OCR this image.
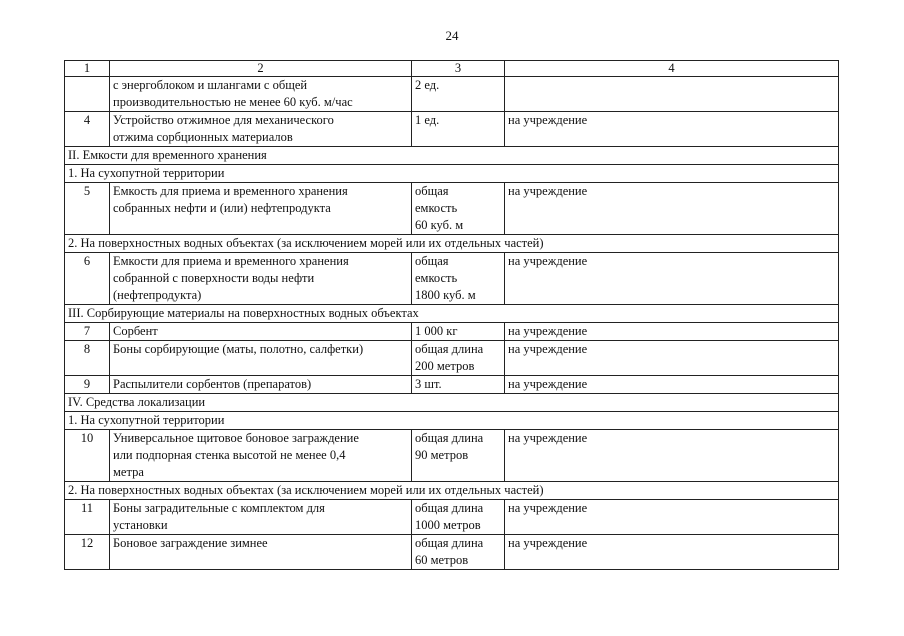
24
1	2	3	4

	с энергоблоком и шлангами с общей
производительностью не менее 60 куб. м/час	2 ед.	

4	Устройство отжимное для механического
отжима сорбционных материалов	1 ед.	на учреждение
II. Емкости для временного хранения			
1. На сухопутной территории			
5	Емкость для приема и временного хранения
собранных нефти и (или) нефтепродукта	общая
емкость
60 куб. м	на учреждение
2. На поверхностных водных объектах (за исключением морей или их отдельных частей)			
6	Емкости для приема и временного хранения
собранной с поверхности воды нефти
(нефтепродукта)	общая
емкость
1800 куб. м	на учреждение
III. Сорбирующие материалы на поверхностных водных объектах			
7	Сорбент	1 000 кг	на учреждение
8	Боны сорбирующие (маты, полотно, салфетки)	общая длина
200 метров	на учреждение
9	Распылители сорбентов (препаратов)	3 шт.	на учреждение
IV. Средства локализации			
1. На сухопутной территории			
10	Универсальное щитовое боновое заграждение
или подпорная стенка высотой не менее 0,4
метра	общая длина
90 метров	на учреждение
2. На поверхностных водных объектах (за исключением морей или их отдельных частей)			
11	Боны заградительные с комплектом для
установки	общая длина
1000 метров	на учреждение
12	Боновое заграждение зимнее	общая длина
60 метров	на учреждение
